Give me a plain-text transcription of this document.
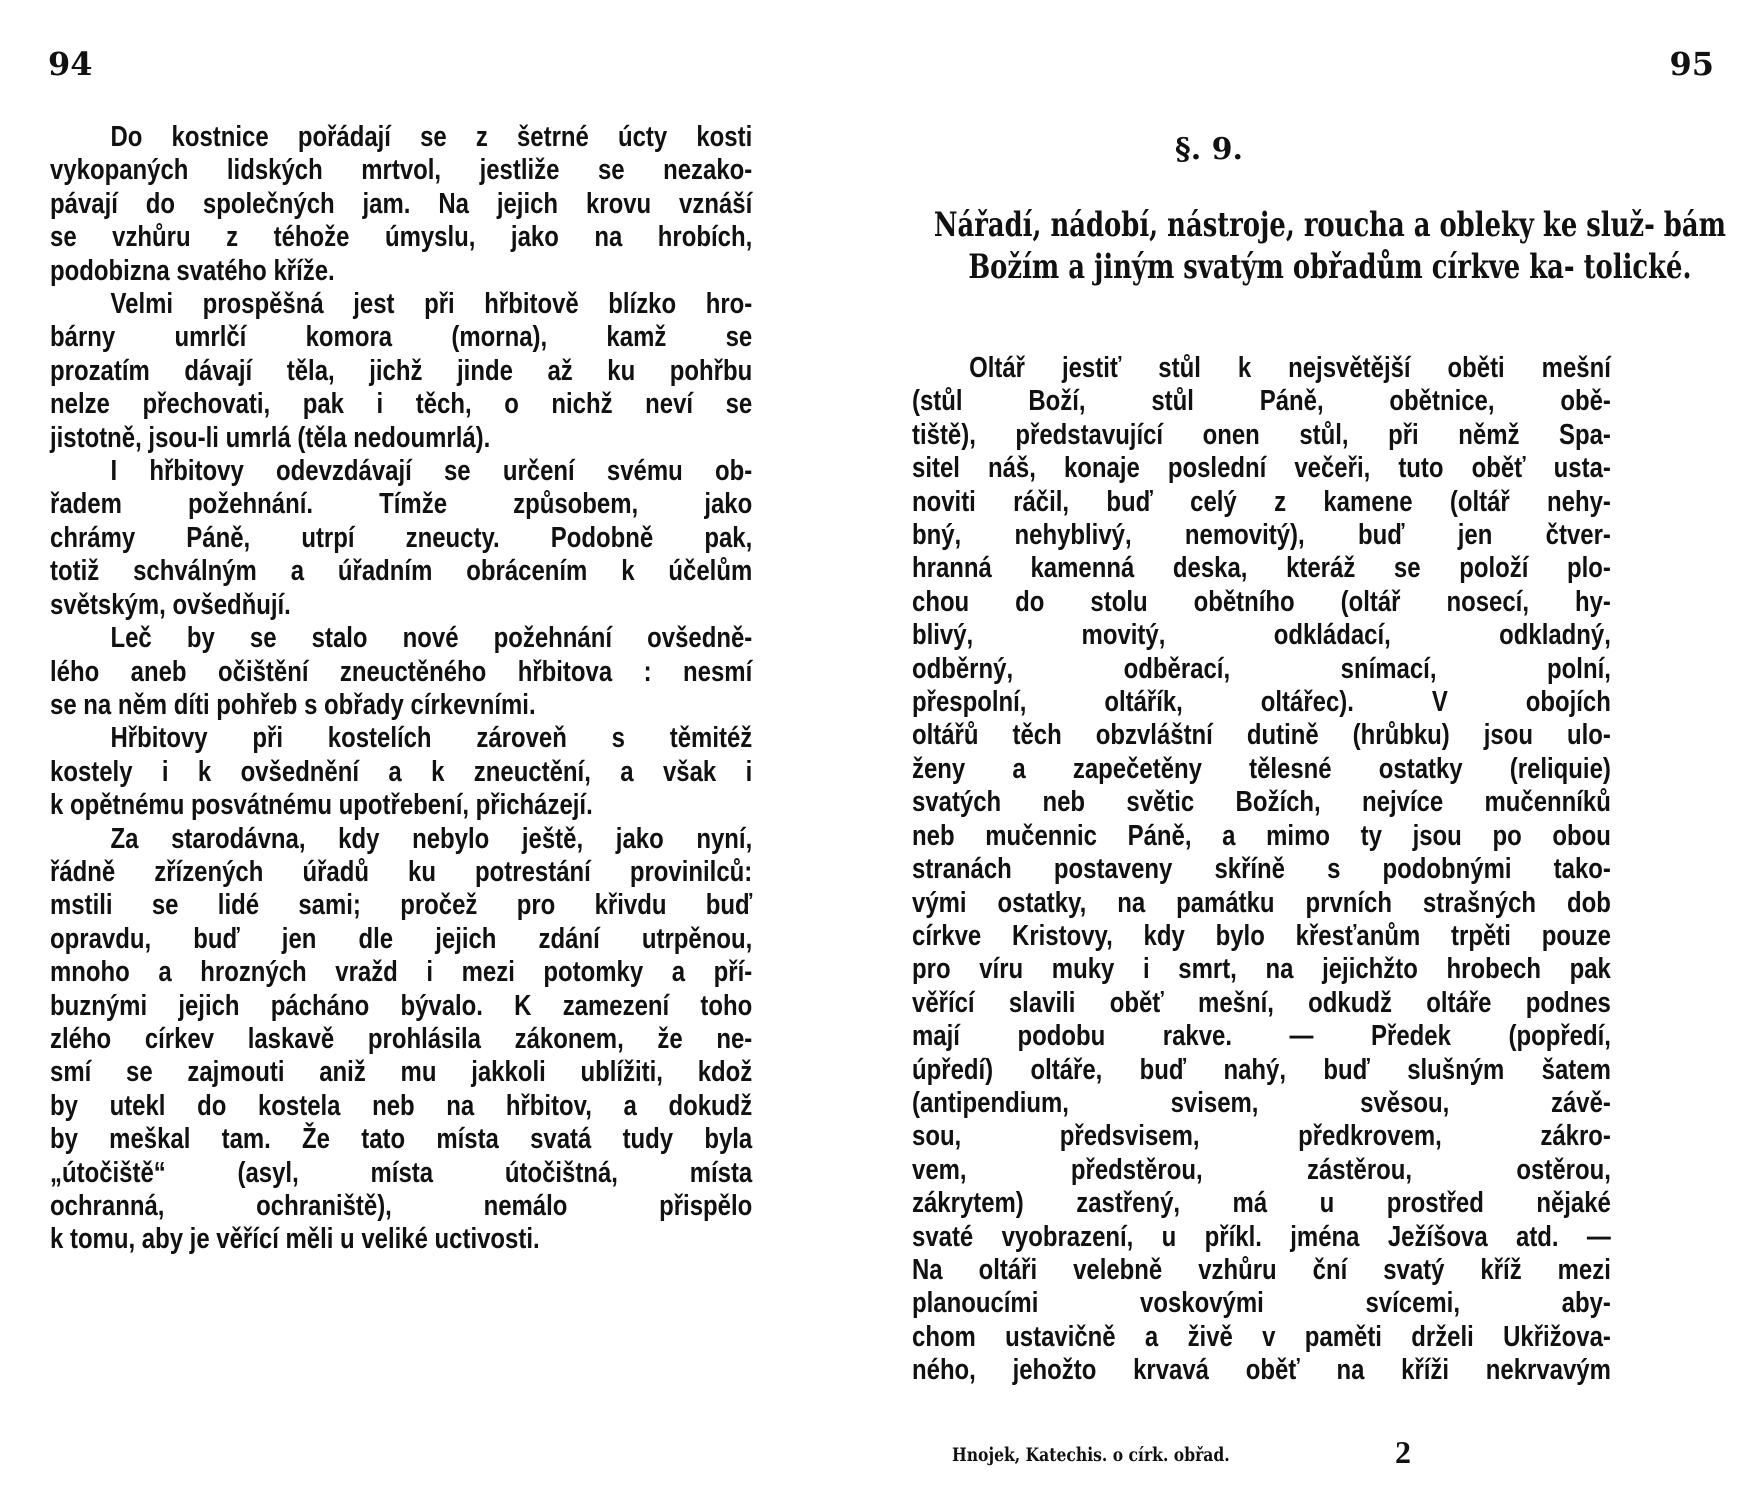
94
Do kostnice pořádají se z šetrné úcty kosti
vykopaných lidských mrtvol, jestliže se nezako-
pávají do společných jam. Na jejich krovu vznáší
se vzhůru z téhože úmyslu, jako na hrobích,
podobizna svatého kříže.
Velmi prospěšná jest při hřbitově blízko hro-
bárny umrlčí komora (morna), kamž se
prozatím dávají těla, jichž jinde až ku pohřbu
nelze přechovati, pak i těch, o nichž neví se
jistotně, jsou-li umrlá (těla nedoumrlá).
I hřbitovy odevzdávají se určení svému ob-
řadem požehnání. Tímže způsobem, jako
chrámy Páně, utrpí zneucty. Podobně pak,
totiž schválným a úřadním obrácením k účelům
světským, ovšedňují.
Leč by se stalo nové požehnání ovšedně-
lého aneb očištění zneuctěného hřbitova : nesmí
se na něm díti pohřeb s obřady církevními.
Hřbitovy při kostelích zároveň s těmitéž
kostely i k ovšednění a k zneuctění, a však i
k opětnému posvátnému upotřebení, přicházejí.
Za starodávna, kdy nebylo ještě, jako nyní,
řádně zřízených úřadů ku potrestání provinilců:
mstili se lidé sami; pročež pro křivdu buď
opravdu, buď jen dle jejich zdání utrpěnou,
mnoho a hrozných vražd i mezi potomky a pří-
buznými jejich pácháno bývalo. K zamezení toho
zlého církev laskavě prohlásila zákonem, že ne-
smí se zajmouti aniž mu jakkoli ublížiti, kdož
by utekl do kostela neb na hřbitov, a dokudž
by meškal tam. Že tato místa svatá tudy byla
„útočiště“ (asyl, místa útočištná, místa
ochranná, ochraniště), nemálo přispělo
k tomu, aby je věřící měli u veliké uctivosti.
95
§. 9.
Nářadí, nádobí, nástroje, roucha a obleky ke služ- bám Božím a jiným svatým obřadům církve ka- tolické.
Oltář jestiť stůl k nejsvětější oběti mešní
(stůl Boží, stůl Páně, obětnice, obě-
tiště), představující onen stůl, při němž Spa-
sitel náš, konaje poslední večeři, tuto oběť usta-
noviti ráčil, buď celý z kamene (oltář nehy-
bný, nehyblivý, nemovitý), buď jen čtver-
hranná kamenná deska, kteráž se položí plo-
chou do stolu obětního (oltář nosecí, hy-
blivý, movitý, odkládací, odkladný,
odběrný, odběrací, snímací, polní,
přespolní, oltářík, oltářec). V obojích
oltářů těch obzvláštní dutině (hrůbku) jsou ulo-
ženy a zapečetěny tělesné ostatky (reliquie)
svatých neb světic Božích, nejvíce mučenníků
neb mučennic Páně, a mimo ty jsou po obou
stranách postaveny skříně s podobnými tako-
vými ostatky, na památku prvních strašných dob
církve Kristovy, kdy bylo křesťanům trpěti pouze
pro víru muky i smrt, na jejichžto hrobech pak
věřící slavili oběť mešní, odkudž oltáře podnes
mají podobu rakve. — Předek (popředí,
úpředí) oltáře, buď nahý, buď slušným šatem
(antipendium, svisem, svěsou, závě-
sou, předsvisem, předkrovem, zákro-
vem, předstěrou, zástěrou, ostěrou,
zákrytem) zastřený, má u prostřed nějaké
svaté vyobrazení, u příkl. jména Ježíšova atd. —
Na oltáři velebně vzhůru ční svatý kříž mezi
planoucími voskovými svícemi, aby-
chom ustavičně a živě v paměti drželi Ukřižova-
ného, jehožto krvavá oběť na kříži nekrvavým
Hnojek, Katechis. o círk. obřad.	2
